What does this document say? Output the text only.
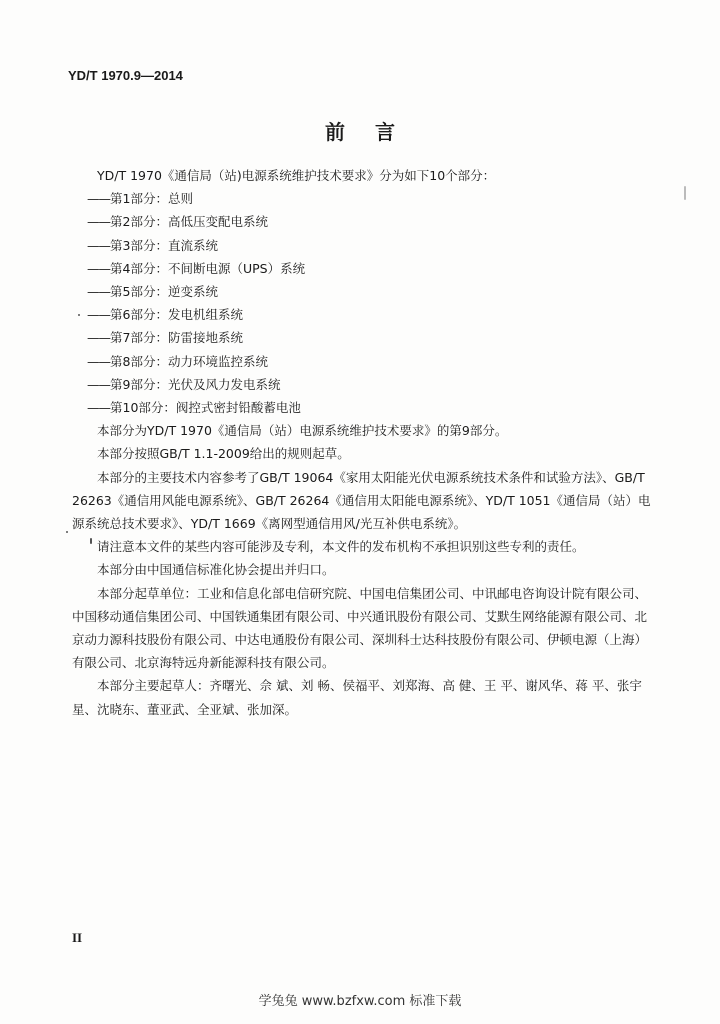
YD/T 1970.9—2014
前言

YD/T 1970《通信局（站)电源系统维护技术要求》分为如下10个部分：

——第1部分：总则

——第2部分：高低压变配电系统

——第3部分：直流系统

——第4部分：不间断电源（UPS）系统

——第5部分：逆变系统

——第6部分：发电机组系统

——第7部分：防雷接地系统

——第8部分：动力环境监控系统

——第9部分：光伏及风力发电系统

——第10部分：阀控式密封铅酸蓄电池

本部分为YD/T 1970《通信局（站）电源系统维护技术要求》的第9部分。

本部分按照GB/T 1.1-2009给出的规则起草。

本部分的主要技术内容参考了GB/T 19064《家用太阳能光伏电源系统技术条件和试验方法》、GB/T 26263《通信用风能电源系统》、GB/T 26264《通信用太阳能电源系统》、YD/T 1051《通信局（站）电源系统总技术要求》、YD/T 1669《离网型通信用风/光互补供电系统》。

请注意本文件的某些内容可能涉及专利，本文件的发布机构不承担识别这些专利的责任。

本部分由中国通信标准化协会提出并归口。

本部分起草单位：工业和信息化部电信研究院、中国电信集团公司、中讯邮电咨询设计院有限公司、中国移动通信集团公司、中国铁通集团有限公司、中兴通讯股份有限公司、艾默生网络能源有限公司、北京动力源科技股份有限公司、中达电通股份有限公司、深圳科士达科技股份有限公司、伊顿电源（上海）有限公司、北京海特远舟新能源科技有限公司。

本部分主要起草人：齐曙光、佘 斌、刘 畅、侯福平、刘郑海、高 健、王 平、谢风华、蒋 平、张宇星、沈晓东、董亚武、全亚斌、张加深。

II
学兔兔 www.bzfxw.com 标准下载
